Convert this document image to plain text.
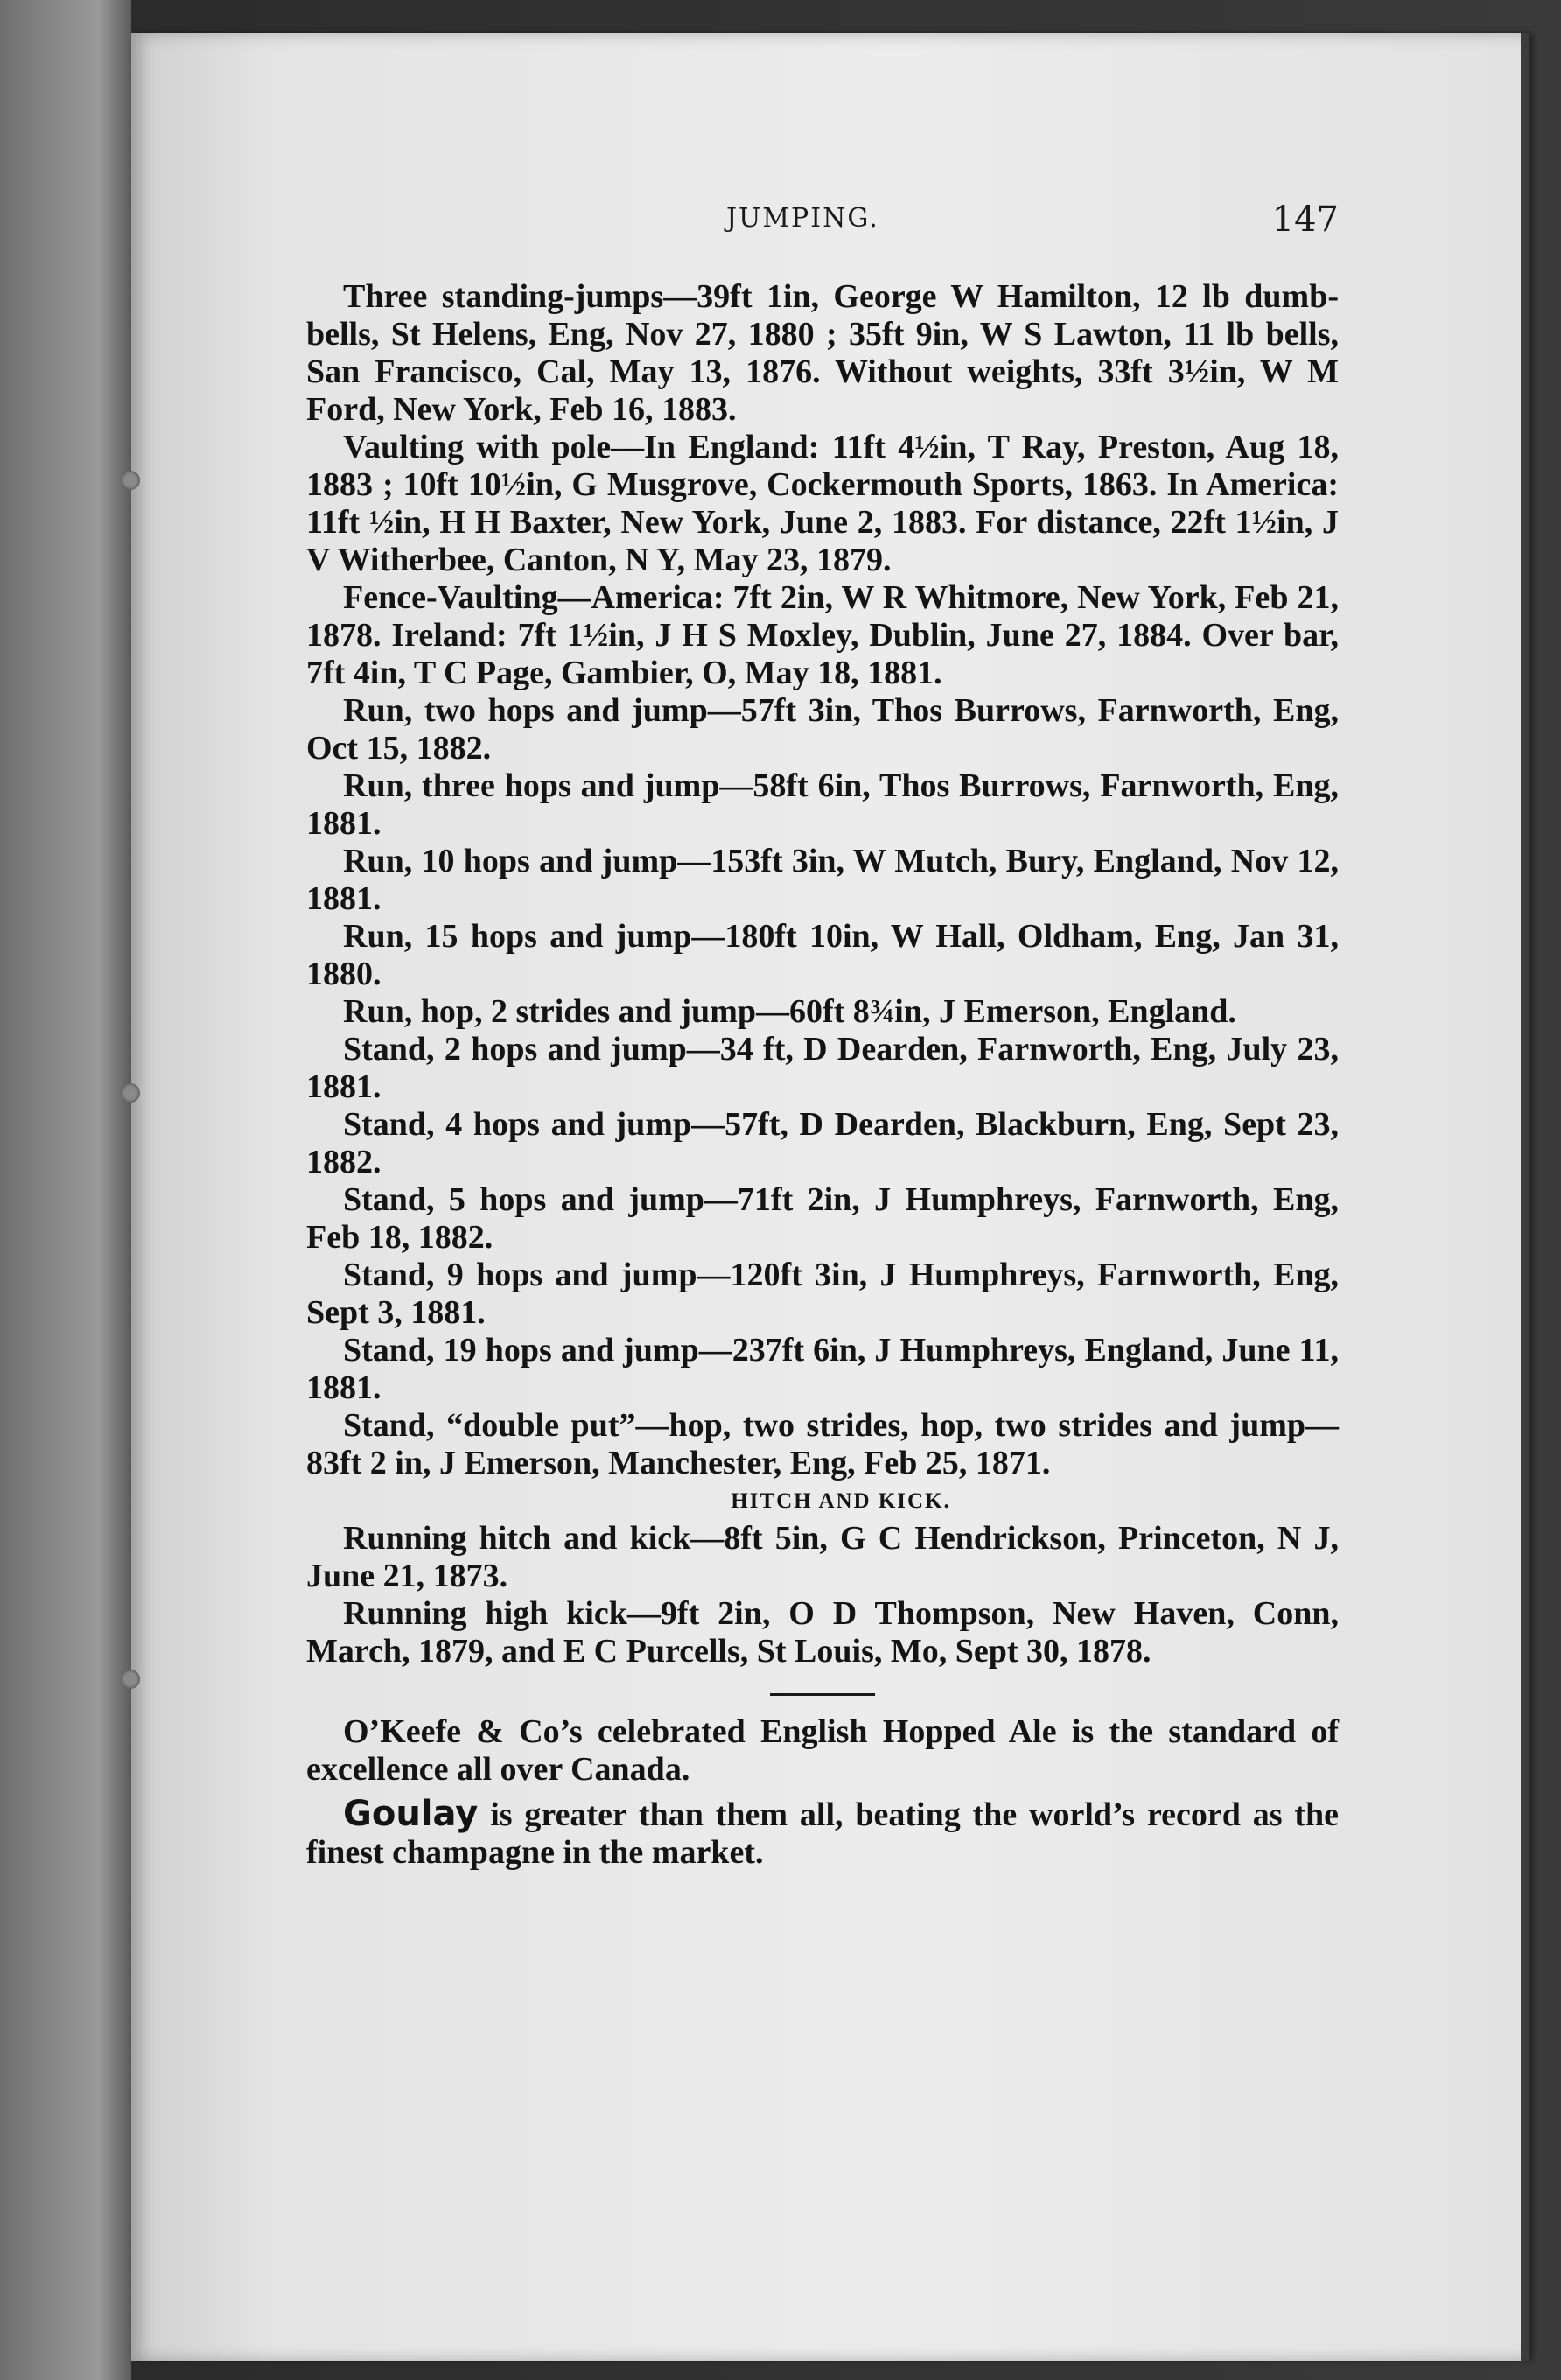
JUMPING.	147

Three standing-jumps—39ft 1in, George W Hamilton, 12 lb dumb-bells, St Helens, Eng, Nov 27, 1880 ; 35ft 9in, W S Lawton, 11 lb bells, San Francisco, Cal, May 13, 1876. Without weights, 33ft 3½in, W M Ford, New York, Feb 16, 1883.

Vaulting with pole—In England: 11ft 4½in, T Ray, Preston, Aug 18, 1883 ; 10ft 10½in, G Musgrove, Cockermouth Sports, 1863. In America: 11ft ½in, H H Baxter, New York, June 2, 1883. For distance, 22ft 1½in, J V Witherbee, Canton, N Y, May 23, 1879.

Fence-Vaulting—America: 7ft 2in, W R Whitmore, New York, Feb 21, 1878. Ireland: 7ft 1½in, J H S Moxley, Dublin, June 27, 1884. Over bar, 7ft 4in, T C Page, Gambier, O, May 18, 1881.

Run, two hops and jump—57ft 3in, Thos Burrows, Farnworth, Eng, Oct 15, 1882.

Run, three hops and jump—58ft 6in, Thos Burrows, Farnworth, Eng, 1881.

Run, 10 hops and jump—153ft 3in, W Mutch, Bury, England, Nov 12, 1881.

Run, 15 hops and jump—180ft 10in, W Hall, Oldham, Eng, Jan 31, 1880.

Run, hop, 2 strides and jump—60ft 8¾in, J Emerson, England.

Stand, 2 hops and jump—34 ft, D Dearden, Farnworth, Eng, July 23, 1881.

Stand, 4 hops and jump—57ft, D Dearden, Blackburn, Eng, Sept 23, 1882.

Stand, 5 hops and jump—71ft 2in, J Humphreys, Farnworth, Eng, Feb 18, 1882.

Stand, 9 hops and jump—120ft 3in, J Humphreys, Farnworth, Eng, Sept 3, 1881.

Stand, 19 hops and jump—237ft 6in, J Humphreys, England, June 11, 1881.

Stand, “double put”—hop, two strides, hop, two strides and jump—83ft 2 in, J Emerson, Manchester, Eng, Feb 25, 1871.

HITCH AND KICK.

Running hitch and kick—8ft 5in, G C Hendrickson, Princeton, N J, June 21, 1873.

Running high kick—9ft 2in, O D Thompson, New Haven, Conn, March, 1879, and E C Purcells, St Louis, Mo, Sept 30, 1878.

O’Keefe & Co’s celebrated English Hopped Ale is the standard of excellence all over Canada.

Goulay is greater than them all, beating the world’s record as the finest champagne in the market.
